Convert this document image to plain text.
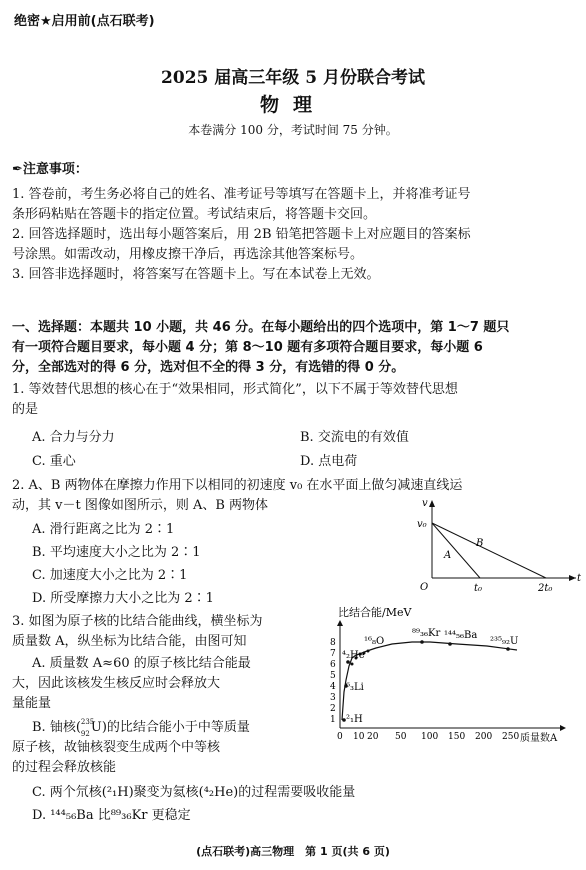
绝密★启用前(点石联考)
2025 届高三年级 5 月份联合考试
物理
本卷满分 100 分，考试时间 75 分钟。
✒注意事项：
1. 答卷前，考生务必将自己的姓名、准考证号等填写在答题卡上，并将准考证号
条形码粘贴在答题卡的指定位置。考试结束后，将答题卡交回。
2. 回答选择题时，选出每小题答案后，用 2B 铅笔把答题卡上对应题目的答案标
号涂黑。如需改动，用橡皮擦干净后，再选涂其他答案标号。
3. 回答非选择题时，将答案写在答题卡上。写在本试卷上无效。
一、选择题：本题共 10 小题，共 46 分。在每小题给出的四个选项中，第 1～7 题只
有一项符合题目要求，每小题 4 分；第 8～10 题有多项符合题目要求，每小题 6
分，全部选对的得 6 分，选对但不全的得 3 分，有选错的得 0 分。
1. 等效替代思想的核心在于“效果相同，形式简化”，以下不属于等效替代思想
的是
A. 合力与分力	B. 交流电的有效值
C. 重心	D. 点电荷
2. A、B 两物体在摩擦力作用下以相同的初速度 v₀ 在水平面上做匀减速直线运
动，其 v－t 图像如图所示，则 A、B 两物体
A. 滑行距离之比为 2∶1
B. 平均速度大小之比为 2∶1
C. 加速度大小之比为 2∶1
D. 所受摩擦力大小之比为 2∶1
v
v₀
O	t₀	2t₀
t
A
B
3. 如图为原子核的比结合能曲线，横坐标为
质量数 A，纵坐标为比结合能，由图可知
A. 质量数 A≈60 的原子核比结合能最
大，因此该核发生核反应时会释放大
量能量
B. 铀核( 235
92 U)的比结合能小于中等质量
原子核，故铀核裂变生成两个中等核
的过程会释放核能
C. 两个氘核(²₁H)聚变为氦核(⁴₂He)的过程需要吸收能量
D. ¹⁴⁴₅₆Ba 比⁸⁹₃₆Kr 更稳定
比结合能/MeV
质量数A
8
7
6
5
4
3
2
1
0 10 20 50 100 150 200 250
⁴₂He
¹⁶₈O
⁸⁹₃₆Kr ¹⁴⁴₅₆Ba
²³⁵₉₂U
⁶₃Li
²₁H
(点石联考)高三物理　第 1 页(共 6 页)
